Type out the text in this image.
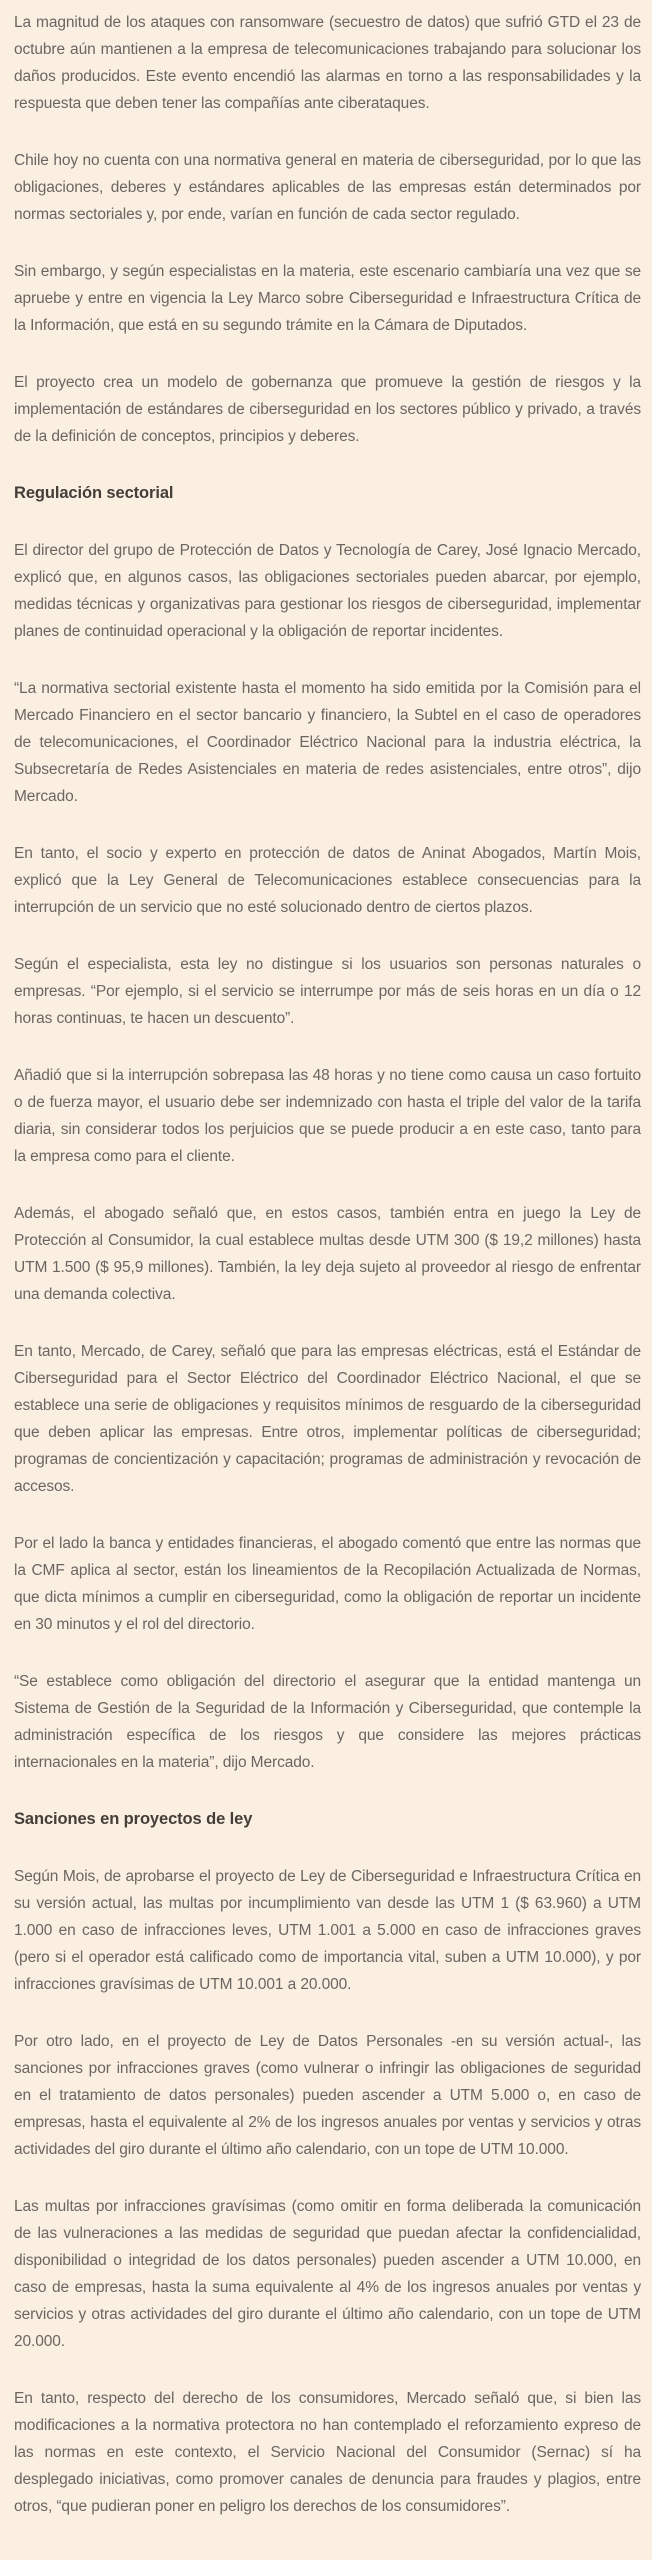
La magnitud de los ataques con ransomware (secuestro de datos) que sufrió GTD el 23 de octubre aún mantienen a la empresa de telecomunicaciones trabajando para solucionar los daños producidos. Este evento encendió las alarmas en torno a las responsabilidades y la respuesta que deben tener las compañías ante ciberataques.

Chile hoy no cuenta con una normativa general en materia de ciberseguridad, por lo que las obligaciones, deberes y estándares aplicables de las empresas están determinados por normas sectoriales y, por ende, varían en función de cada sector regulado.

Sin embargo, y según especialistas en la materia, este escenario cambiaría una vez que se apruebe y entre en vigencia la Ley Marco sobre Ciberseguridad e Infraestructura Crítica de la Información, que está en su segundo trámite en la Cámara de Diputados.

El proyecto crea un modelo de gobernanza que promueve la gestión de riesgos y la implementación de estándares de ciberseguridad en los sectores público y privado, a través de la definición de conceptos, principios y deberes.

Regulación sectorial

El director del grupo de Protección de Datos y Tecnología de Carey, José Ignacio Mercado, explicó que, en algunos casos, las obligaciones sectoriales pueden abarcar, por ejemplo, medidas técnicas y organizativas para gestionar los riesgos de ciberseguridad, implementar planes de continuidad operacional y la obligación de reportar incidentes.

“La normativa sectorial existente hasta el momento ha sido emitida por la Comisión para el Mercado Financiero en el sector bancario y financiero, la Subtel en el caso de operadores de telecomunicaciones, el Coordinador Eléctrico Nacional para la industria eléctrica, la Subsecretaría de Redes Asistenciales en materia de redes asistenciales, entre otros”, dijo Mercado.

En tanto, el socio y experto en protección de datos de Aninat Abogados, Martín Mois, explicó que la Ley General de Telecomunicaciones establece consecuencias para la interrupción de un servicio que no esté solucionado dentro de ciertos plazos.

Según el especialista, esta ley no distingue si los usuarios son personas naturales o empresas. “Por ejemplo, si el servicio se interrumpe por más de seis horas en un día o 12 horas continuas, te hacen un descuento”.

Añadió que si la interrupción sobrepasa las 48 horas y no tiene como causa un caso fortuito o de fuerza mayor, el usuario debe ser indemnizado con hasta el triple del valor de la tarifa diaria, sin considerar todos los perjuicios que se puede producir a en este caso, tanto para la empresa como para el cliente.

Además, el abogado señaló que, en estos casos, también entra en juego la Ley de Protección al Consumidor, la cual establece multas desde UTM 300 ($ 19,2 millones) hasta UTM 1.500 ($ 95,9 millones). También, la ley deja sujeto al proveedor al riesgo de enfrentar una demanda colectiva.

En tanto, Mercado, de Carey, señaló que para las empresas eléctricas, está el Estándar de Ciberseguridad para el Sector Eléctrico del Coordinador Eléctrico Nacional, el que se establece una serie de obligaciones y requisitos mínimos de resguardo de la ciberseguridad que deben aplicar las empresas. Entre otros, implementar políticas de ciberseguridad; programas de concientización y capacitación; programas de administración y revocación de accesos.

Por el lado la banca y entidades financieras, el abogado comentó que entre las normas que la CMF aplica al sector, están los lineamientos de la Recopilación Actualizada de Normas, que dicta mínimos a cumplir en ciberseguridad, como la obligación de reportar un incidente en 30 minutos y el rol del directorio.

“Se establece como obligación del directorio el asegurar que la entidad mantenga un Sistema de Gestión de la Seguridad de la Información y Ciberseguridad, que contemple la administración específica de los riesgos y que considere las mejores prácticas internacionales en la materia”, dijo Mercado.

Sanciones en proyectos de ley

Según Mois, de aprobarse el proyecto de Ley de Ciberseguridad e Infraestructura Crítica en su versión actual, las multas por incumplimiento van desde las UTM 1 ($ 63.960) a UTM 1.000 en caso de infracciones leves, UTM 1.001 a 5.000 en caso de infracciones graves (pero si el operador está calificado como de importancia vital, suben a UTM 10.000), y por infracciones gravísimas de UTM 10.001 a 20.000.

Por otro lado, en el proyecto de Ley de Datos Personales -en su versión actual-, las sanciones por infracciones graves (como vulnerar o infringir las obligaciones de seguridad en el tratamiento de datos personales) pueden ascender a UTM 5.000 o, en caso de empresas, hasta el equivalente al 2% de los ingresos anuales por ventas y servicios y otras actividades del giro durante el último año calendario, con un tope de UTM 10.000.

Las multas por infracciones gravísimas (como omitir en forma deliberada la comunicación de las vulneraciones a las medidas de seguridad que puedan afectar la confidencialidad, disponibilidad o integridad de los datos personales) pueden ascender a UTM 10.000, en caso de empresas, hasta la suma equivalente al 4% de los ingresos anuales por ventas y servicios y otras actividades del giro durante el último año calendario, con un tope de UTM 20.000.

En tanto, respecto del derecho de los consumidores, Mercado señaló que, si bien las modificaciones a la normativa protectora no han contemplado el reforzamiento expreso de las normas en este contexto, el Servicio Nacional del Consumidor (Sernac) sí ha desplegado iniciativas, como promover canales de denuncia para fraudes y plagios, entre otros, “que pudieran poner en peligro los derechos de los consumidores”.
